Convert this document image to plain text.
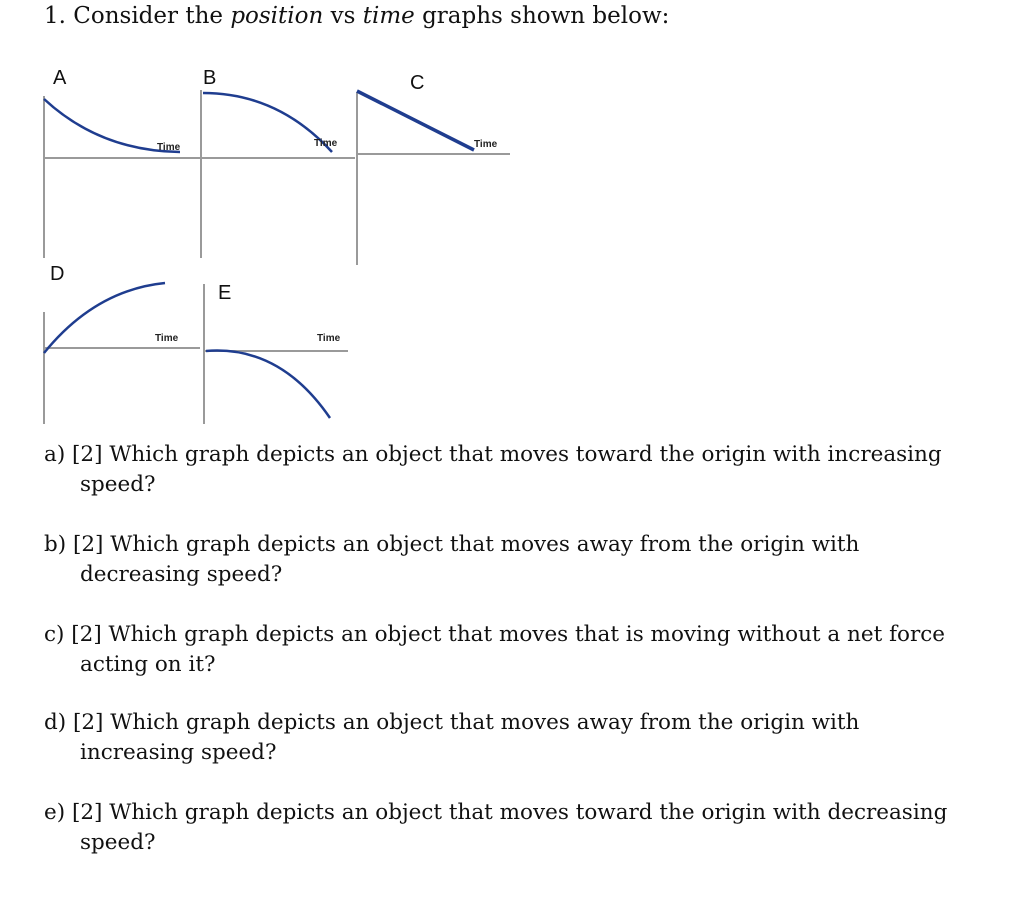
1. Consider the position vs time graphs shown below:
A
Time
B
Time
C
Time
D
Time
E
Time
a) [2] Which graph depicts an object that moves toward the origin with increasing
speed?
b) [2] Which graph depicts an object that moves away from the origin with
decreasing speed?
c) [2] Which graph depicts an object that moves that is moving without a net force
acting on it?
d) [2] Which graph depicts an object that moves away from the origin with
increasing speed?
e) [2] Which graph depicts an object that moves toward the origin with decreasing
speed?
